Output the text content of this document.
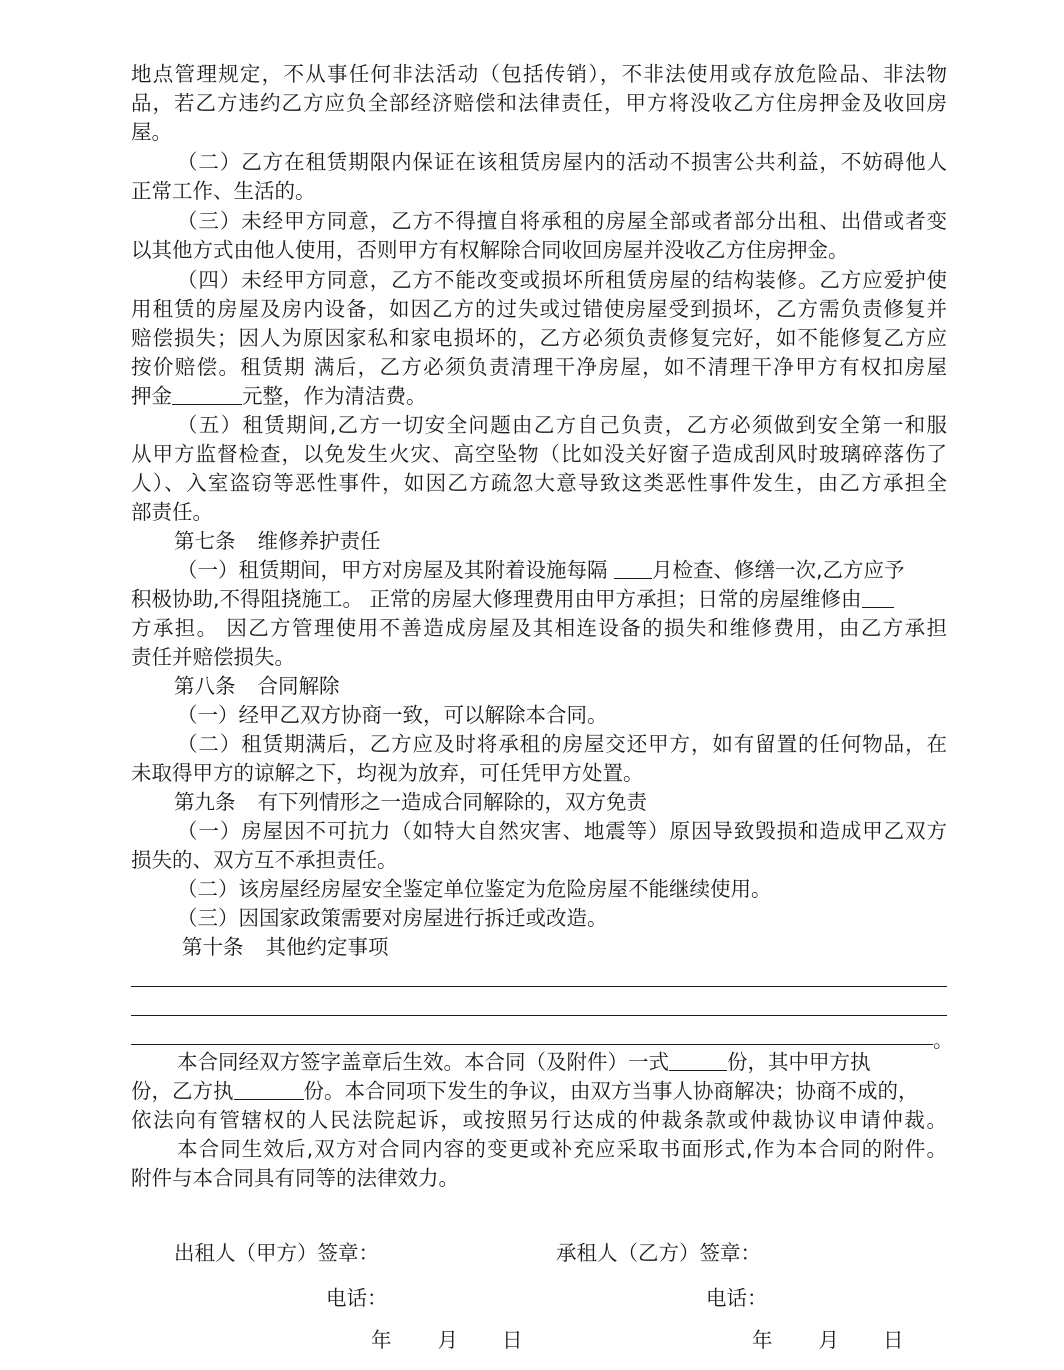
地点管理规定，不从事任何非法活动（包括传销），不非法使用或存放危险品、非法物
品，若乙方违约乙方应负全部经济赔偿和法律责任，甲方将没收乙方住房押金及收回房
屋。
（二）乙方在租赁期限内保证在该租赁房屋内的活动不损害公共利益，不妨碍他人
正常工作、生活的。
（三）未经甲方同意，乙方不得擅自将承租的房屋全部或者部分出租、出借或者变
以其他方式由他人使用，否则甲方有权解除合同收回房屋并没收乙方住房押金。
（四）未经甲方同意，乙方不能改变或损坏所租赁房屋的结构装修。乙方应爱护使
用租赁的房屋及房内设备，如因乙方的过失或过错使房屋受到损坏，乙方需负责修复并
赔偿损失；因人为原因家私和家电损坏的，乙方必须负责修复完好，如不能修复乙方应
按价赔偿。租赁期 满后，乙方必须负责清理干净房屋，如不清理干净甲方有权扣房屋
押金	元整，作为清洁费。
（五）租赁期间,乙方一切安全问题由乙方自己负责，乙方必须做到安全第一和服
从甲方监督检查，以免发生火灾、高空坠物（比如没关好窗子造成刮风时玻璃碎落伤了
人）、入室盗窃等恶性事件，如因乙方疏忽大意导致这类恶性事件发生，由乙方承担全
部责任。
第七条 维修养护责任
（一）租赁期间，甲方对房屋及其附着设施每隔 月检查、修缮一次,乙方应予
积极协助,不得阻挠施工。 正常的房屋大修理费用由甲方承担；日常的房屋维修由
方承担。 因乙方管理使用不善造成房屋及其相连设备的损失和维修费用，由乙方承担
责任并赔偿损失。
第八条 合同解除
（一）经甲乙双方协商一致，可以解除本合同。
（二）租赁期满后，乙方应及时将承租的房屋交还甲方，如有留置的任何物品，在
未取得甲方的谅解之下，均视为放弃，可任凭甲方处置。
第九条 有下列情形之一造成合同解除的，双方免责
（一）房屋因不可抗力（如特大自然灾害、地震等）原因导致毁损和造成甲乙双方
损失的、双方互不承担责任。
（二）该房屋经房屋安全鉴定单位鉴定为危险房屋不能继续使用。
（三）因国家政策需要对房屋进行拆迁或改造。
第十条 其他约定事项
。
本合同经双方签字盖章后生效。本合同（及附件）一式	份，其中甲方执
份，乙方执	份。本合同项下发生的争议，由双方当事人协商解决；协商不成的，
依法向有管辖权的人民法院起诉，或按照另行达成的仲裁条款或仲裁协议申请仲裁。
本合同生效后,双方对合同内容的变更或补充应采取书面形式,作为本合同的附件。
附件与本合同具有同等的法律效力。
出租人（甲方）签章：	承租人（乙方）签章：
电话：	电话：
年 月 日	年 月 日
